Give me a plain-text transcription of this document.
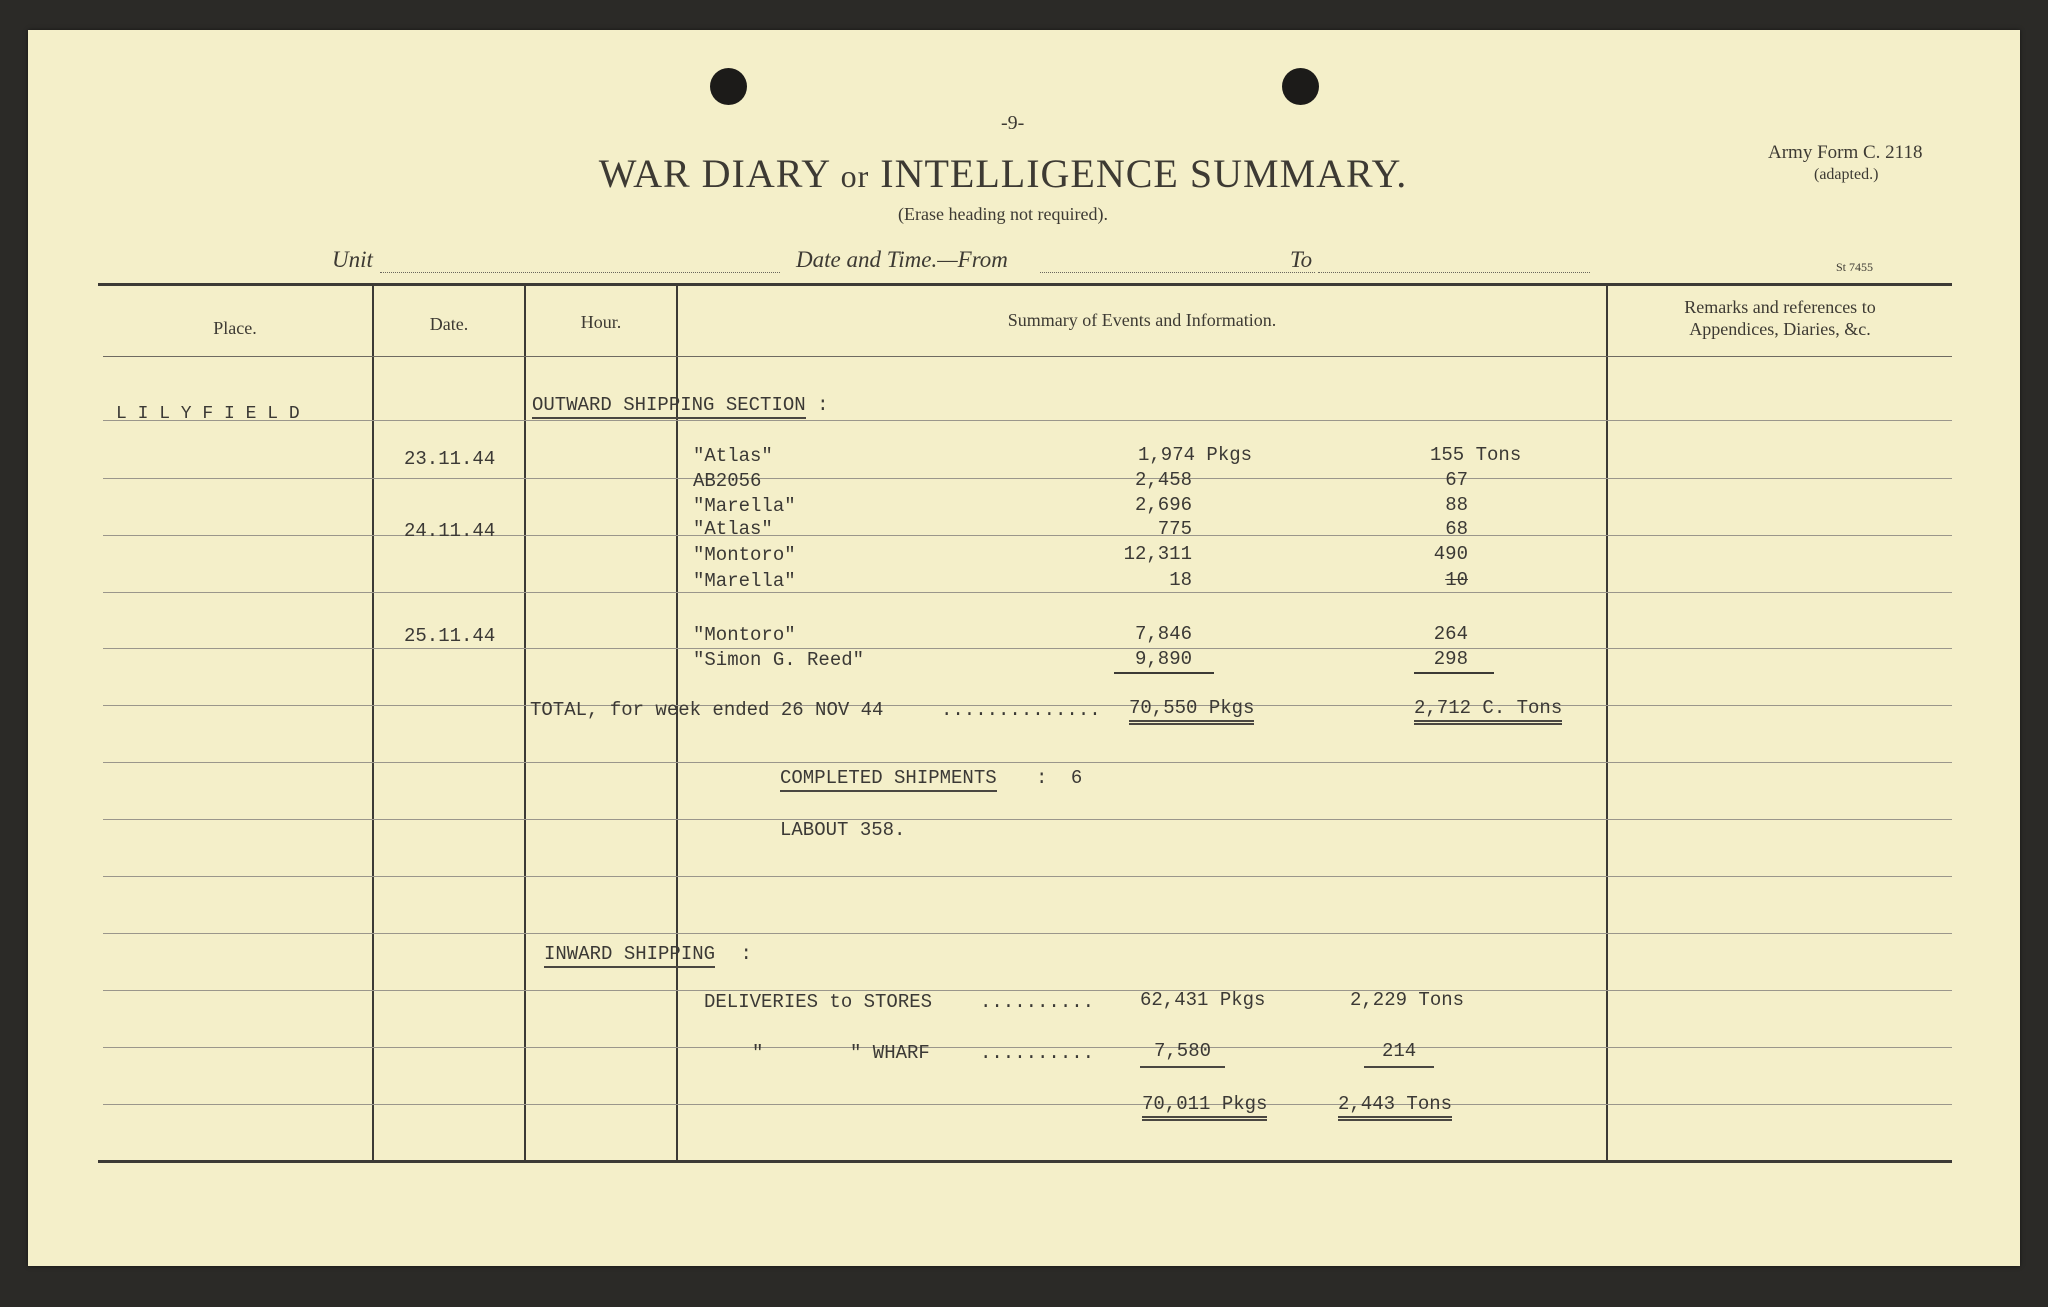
-9-
WAR DIARY or INTELLIGENCE SUMMARY.
(Erase heading not required).
Army Form C. 2118
(adapted.)
St 7455
Unit	Date and Time.—From	To
Place.	Date.	Hour.	Summary of Events and Information.
Remarks and references to
Appendices, Diaries, &c.
L I L Y F I E L D	OUTWARD SHIPPING SECTION :
23.11.44	"Atlas"	1,974 Pkgs	155 Tons
AB2056	2,458	67
"Marella"	2,696	88
24.11.44	"Atlas"	775	68
"Montoro"	12,311	490
"Marella"	18	10
25.11.44	"Montoro"	7,846	264
"Simon G. Reed"	9,890	298
TOTAL, for week ended 26 NOV 44	.............. 70,550 Pkgs	2,712 C. Tons
COMPLETED SHIPMENTS : 6
LABOUT 358.
INWARD SHIPPING :
DELIVERIES to STORES	.......... 62,431 Pkgs	2,229 Tons
"	" WHARF	..........	7,580	214
70,011 Pkgs	2,443 Tons
